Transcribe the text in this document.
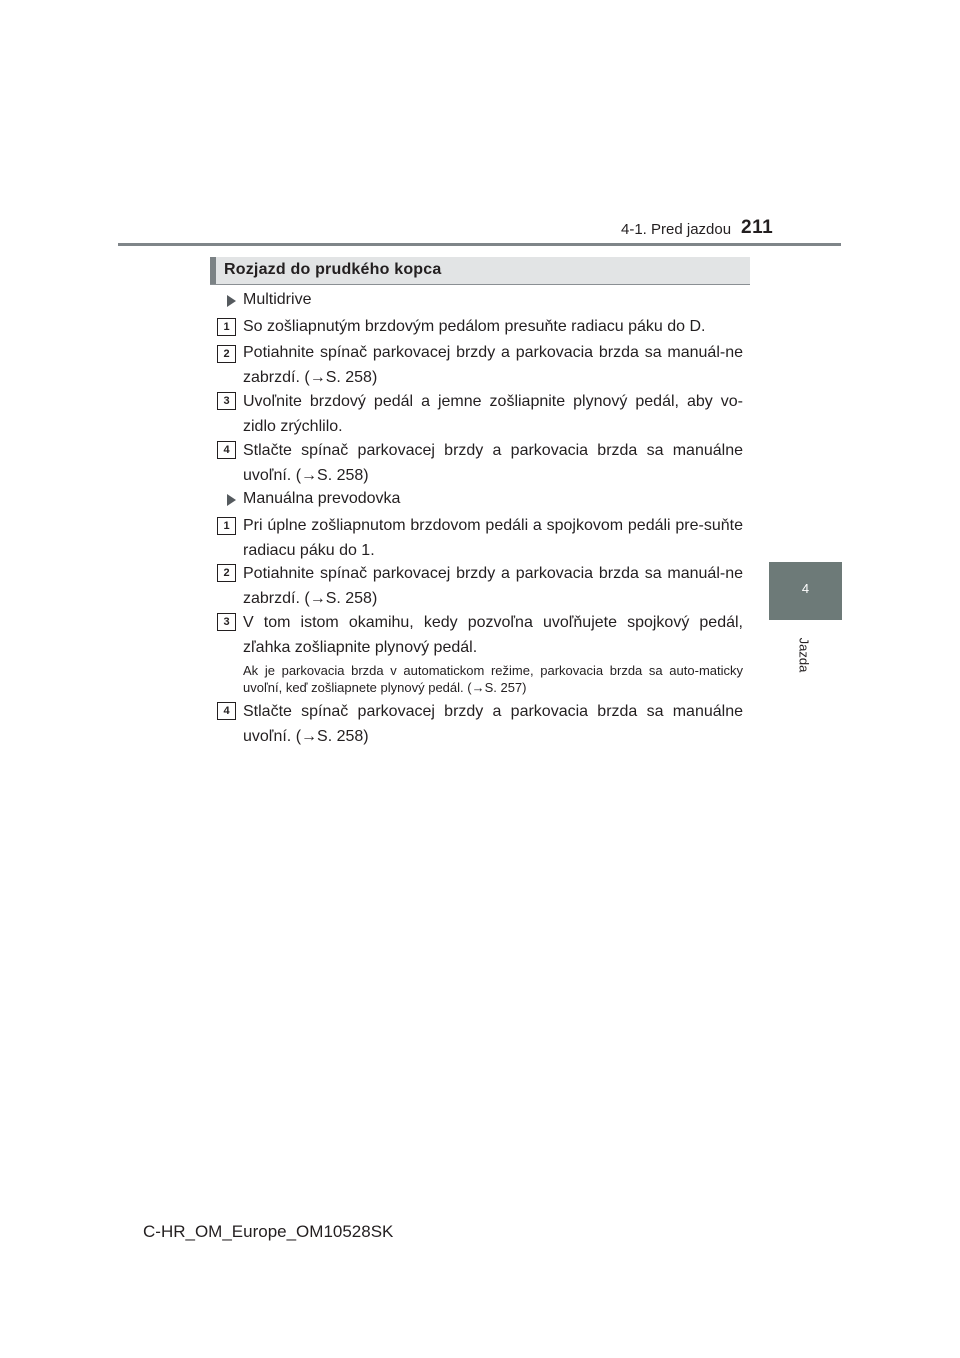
4-1. Pred jazdou 211
4
Jazda
Rozjazd do prudkého kopca
Multidrive
1 So zošliapnutým brzdovým pedálom presuňte radiacu páku do D.
2 Potiahnite spínač parkovacej brzdy a parkovacia brzda sa manuál-ne zabrzdí. (→S. 258)
3 Uvoľnite brzdový pedál a jemne zošliapnite plynový pedál, aby vo-zidlo zrýchlilo.
4 Stlačte spínač parkovacej brzdy a parkovacia brzda sa manuálne uvoľní. (→S. 258)
Manuálna prevodovka
1 Pri úplne zošliapnutom brzdovom pedáli a spojkovom pedáli pre-suňte radiacu páku do 1.
2 Potiahnite spínač parkovacej brzdy a parkovacia brzda sa manuál-ne zabrzdí. (→S. 258)
3 V tom istom okamihu, kedy pozvoľna uvoľňujete spojkový pedál, zľahka zošliapnite plynový pedál.
Ak je parkovacia brzda v automatickom režime, parkovacia brzda sa auto-maticky uvoľní, keď zošliapnete plynový pedál. (→S. 257)
4 Stlačte spínač parkovacej brzdy a parkovacia brzda sa manuálne uvoľní. (→S. 258)
C-HR_OM_Europe_OM10528SK
